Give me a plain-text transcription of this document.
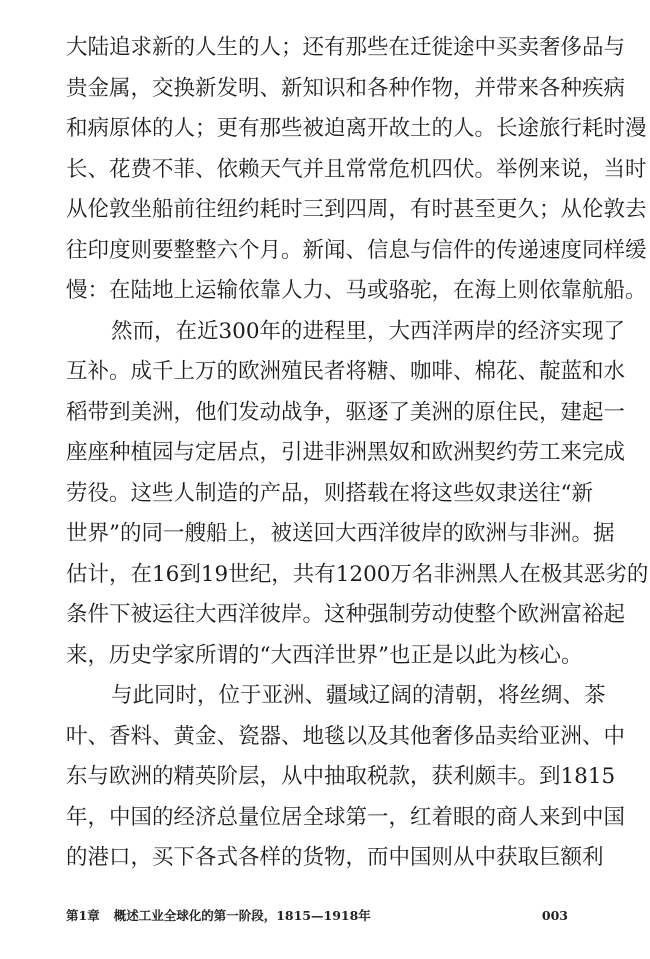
大陆追求新的人生的人；还有那些在迁徙途中买卖奢侈品与
贵金属，交换新发明、新知识和各种作物，并带来各种疾病
和病原体的人；更有那些被迫离开故土的人。长途旅行耗时漫
长、花费不菲、依赖天气并且常常危机四伏。举例来说，当时
从伦敦坐船前往纽约耗时三到四周，有时甚至更久；从伦敦去
往印度则要整整六个月。新闻、信息与信件的传递速度同样缓
慢：在陆地上运输依靠人力、马或骆驼，在海上则依靠航船。
然而，在近300年的进程里，大西洋两岸的经济实现了
互补。成千上万的欧洲殖民者将糖、咖啡、棉花、靛蓝和水
稻带到美洲，他们发动战争，驱逐了美洲的原住民，建起一
座座种植园与定居点，引进非洲黑奴和欧洲契约劳工来完成
劳役。这些人制造的产品，则搭载在将这些奴隶送往“新
世界”的同一艘船上，被送回大西洋彼岸的欧洲与非洲。据
估计，在16到19世纪，共有1200万名非洲黑人在极其恶劣的
条件下被运往大西洋彼岸。这种强制劳动使整个欧洲富裕起
来，历史学家所谓的“大西洋世界”也正是以此为核心。
与此同时，位于亚洲、疆域辽阔的清朝，将丝绸、茶
叶、香料、黄金、瓷器、地毯以及其他奢侈品卖给亚洲、中
东与欧洲的精英阶层，从中抽取税款，获利颇丰。到1815
年，中国的经济总量位居全球第一，红着眼的商人来到中国
的港口，买下各式各样的货物，而中国则从中获取巨额利
第1章 概述工业全球化的第一阶段，1815—1918年	003
